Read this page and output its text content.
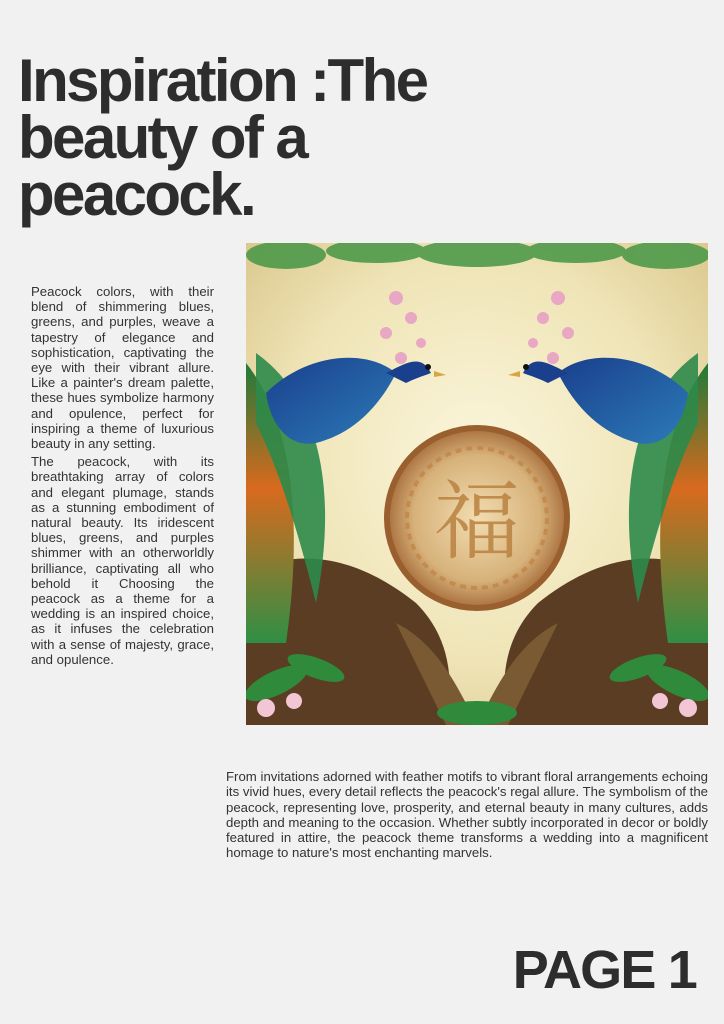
Inspiration :The
beauty of a
peacock.

Peacock colors, with their blend of shimmering blues, greens, and purples, weave a tapestry of elegance and sophistication, captivating the eye with their vibrant allure. Like a painter's dream palette, these hues symbolize harmony and opulence, perfect for inspiring a theme of luxurious beauty in any setting.

The peacock, with its breathtaking array of colors and elegant plumage, stands as a stunning embodiment of natural beauty. Its iridescent blues, greens, and purples shimmer with an otherworldly brilliance, captivating all who behold it Choosing the peacock as a theme for a wedding is an inspired choice, as it infuses the celebration with a sense of majesty, grace, and opulence.

福

From invitations adorned with feather motifs to vibrant floral arrangements echoing its vivid hues, every detail reflects the peacock's regal allure. The symbolism of the peacock, representing love, prosperity, and eternal beauty in many cultures, adds depth and meaning to the occasion. Whether subtly incorporated in decor or boldly featured in attire, the peacock theme transforms a wedding into a magnificent homage to nature's most enchanting marvels.

PAGE 1
